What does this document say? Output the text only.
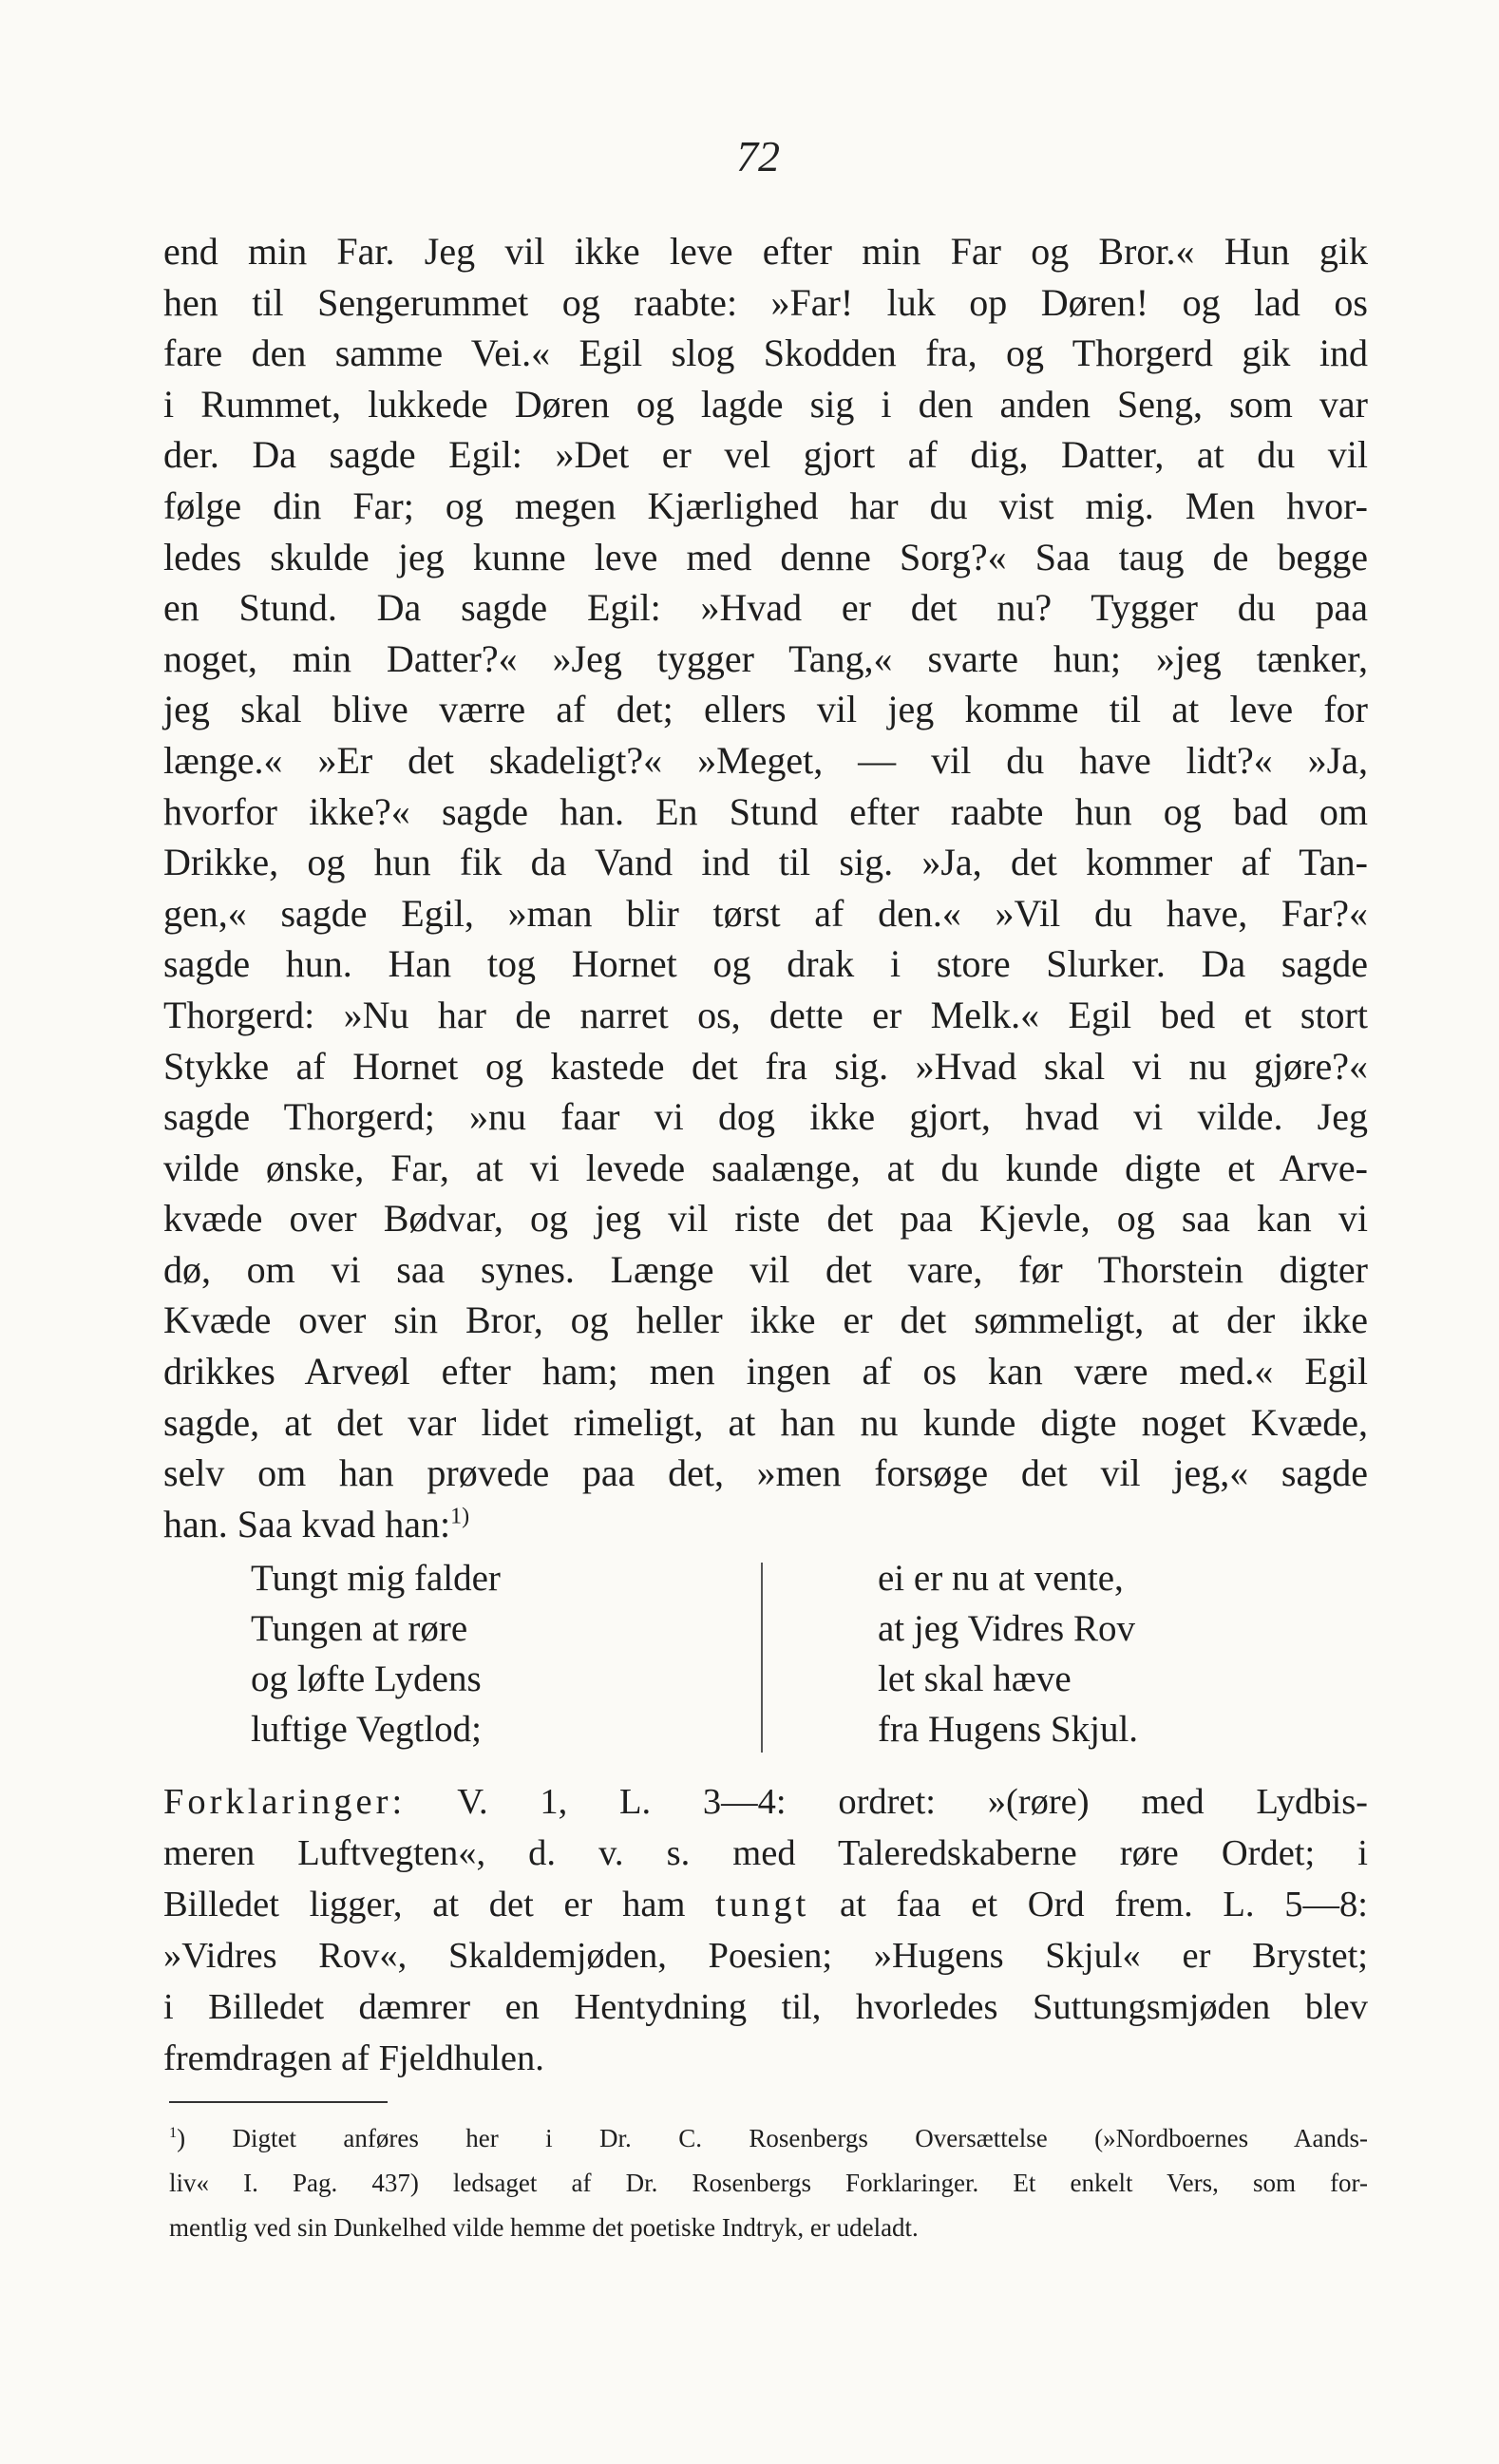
72
end min Far. Jeg vil ikke leve efter min Far og Bror.« Hun gik
hen til Sengerummet og raabte: »Far! luk op Døren! og lad os
fare den samme Vei.« Egil slog Skodden fra, og Thorgerd gik ind
i Rummet, lukkede Døren og lagde sig i den anden Seng, som var
der. Da sagde Egil: »Det er vel gjort af dig, Datter, at du vil
følge din Far; og megen Kjærlighed har du vist mig. Men hvor-
ledes skulde jeg kunne leve med denne Sorg?« Saa taug de begge
en Stund. Da sagde Egil: »Hvad er det nu? Tygger du paa
noget, min Datter?« »Jeg tygger Tang,« svarte hun; »jeg tænker,
jeg skal blive værre af det; ellers vil jeg komme til at leve for
længe.« »Er det skadeligt?« »Meget, — vil du have lidt?« »Ja,
hvorfor ikke?« sagde han. En Stund efter raabte hun og bad om
Drikke, og hun fik da Vand ind til sig. »Ja, det kommer af Tan-
gen,« sagde Egil, »man blir tørst af den.« »Vil du have, Far?«
sagde hun. Han tog Hornet og drak i store Slurker. Da sagde
Thorgerd: »Nu har de narret os, dette er Melk.« Egil bed et stort
Stykke af Hornet og kastede det fra sig. »Hvad skal vi nu gjøre?«
sagde Thorgerd; »nu faar vi dog ikke gjort, hvad vi vilde. Jeg
vilde ønske, Far, at vi levede saalænge, at du kunde digte et Arve-
kvæde over Bødvar, og jeg vil riste det paa Kjevle, og saa kan vi
dø, om vi saa synes. Længe vil det vare, før Thorstein digter
Kvæde over sin Bror, og heller ikke er det sømmeligt, at der ikke
drikkes Arveøl efter ham; men ingen af os kan være med.« Egil
sagde, at det var lidet rimeligt, at han nu kunde digte noget Kvæde,
selv om han prøvede paa det, »men forsøge det vil jeg,« sagde
han. Saa kvad han:$^{1)}$
Tungt mig falder
Tungen at røre
og løfte Lydens
luftige Vegtlod;
ei er nu at vente,
at jeg Vidres Rov
let skal hæve
fra Hugens Skjul.
Forklaringer: V. 1, L. 3—4: ordret: »(røre) med Lydbis-
meren Luftvegten«, d. v. s. med Taleredskaberne røre Ordet; i
Billedet ligger, at det er ham tungt at faa et Ord frem. L. 5—8:
»Vidres Rov«, Skaldemjøden, Poesien; »Hugens Skjul« er Brystet;
i Billedet dæmrer en Hentydning til, hvorledes Suttungsmjøden blev
fremdragen af Fjeldhulen.
$^1$) Digtet anføres her i Dr. C. Rosenbergs Oversættelse (»Nordboernes Aands-
liv« I. Pag. 437) ledsaget af Dr. Rosenbergs Forklaringer. Et enkelt Vers, som for-
mentlig ved sin Dunkelhed vilde hemme det poetiske Indtryk, er udeladt.
